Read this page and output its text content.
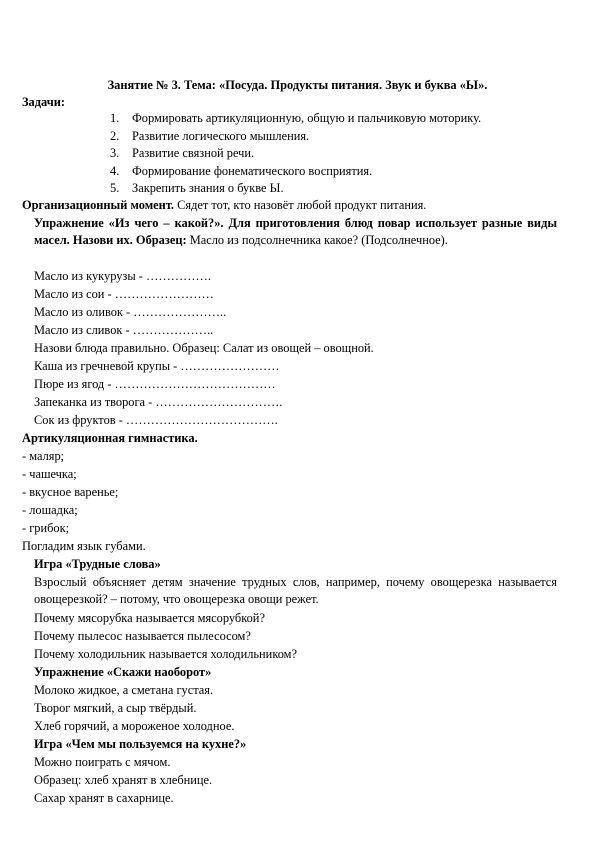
Занятие № 3. Тема: «Посуда. Продукты питания. Звук и буква «Ы».
Задачи:
1.	Формировать артикуляционную, общую и пальчиковую моторику.
2.	Развитие логического мышления.
3.	Развитие связной речи.
4.	Формирование фонематического восприятия.
5.	Закрепить знания о букве Ы.
Организационный момент. Сядет тот, кто назовёт любой продукт питания.
Упражнение «Из чего – какой?». Для приготовления блюд повар использует разные виды масел. Назови их. Образец: Масло из подсолнечника какое? (Подсолнечное).
Масло из кукурузы - …………….
Масло из сои - ……………………
Масло из оливок - …………………..
Масло из сливок - ………………..
Назови блюда правильно. Образец: Салат из овощей – овощной.
Каша из гречневой крупы - ……………………
Пюре из ягод - …………………………………
Запеканка из творога - ………………………….
Сок из фруктов - ……………………………….
Артикуляционная гимнастика.
- маляр;
- чашечка;
- вкусное варенье;
- лошадка;
- грибок;
Погладим язык губами.
Игра «Трудные слова»
Взрослый объясняет детям значение трудных слов, например, почему овощерезка называется овощерезкой? – потому, что овощерезка овощи режет.
Почему мясорубка называется мясорубкой?
Почему пылесос называется пылесосом?
Почему холодильник называется холодильником?
Упражнение «Скажи наоборот»
Молоко жидкое, а сметана густая.
Творог мягкий, а сыр твёрдый.
Хлеб горячий, а мороженое холодное.
Игра «Чем мы пользуемся на кухне?»
Можно поиграть с мячом.
Образец: хлеб хранят в хлебнице.
Сахар хранят в сахарнице.
